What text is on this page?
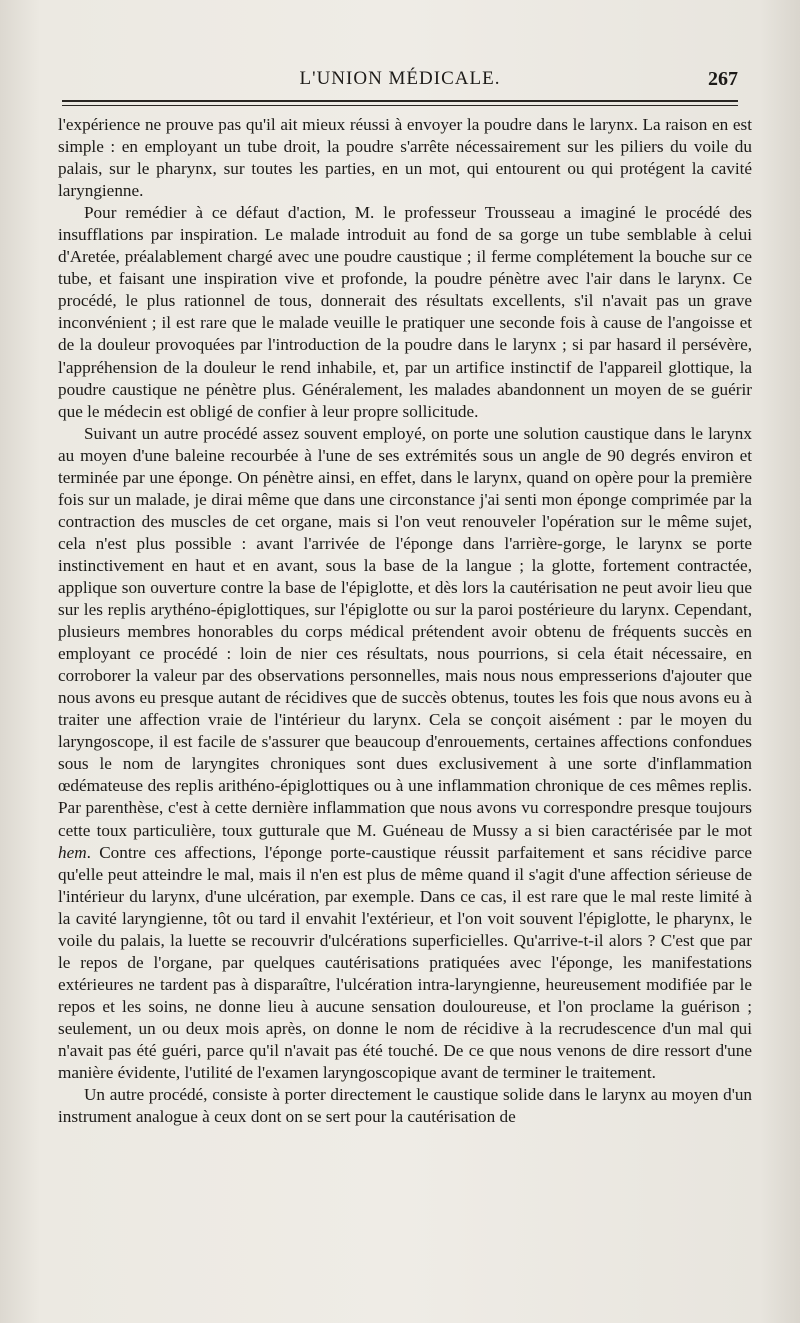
L'UNION MÉDICALE.	267

l'expérience ne prouve pas qu'il ait mieux réussi à envoyer la poudre dans le larynx. La raison en est simple : en employant un tube droit, la poudre s'arrête nécessairement sur les piliers du voile du palais, sur le pharynx, sur toutes les parties, en un mot, qui entourent ou qui protégent la cavité laryngienne.

Pour remédier à ce défaut d'action, M. le professeur Trousseau a imaginé le procédé des insufflations par inspiration. Le malade introduit au fond de sa gorge un tube semblable à celui d'Aretée, préalablement chargé avec une poudre caustique ; il ferme complétement la bouche sur ce tube, et faisant une inspiration vive et profonde, la poudre pénètre avec l'air dans le larynx. Ce procédé, le plus rationnel de tous, donnerait des résultats excellents, s'il n'avait pas un grave inconvénient ; il est rare que le malade veuille le pratiquer une seconde fois à cause de l'angoisse et de la douleur provoquées par l'introduction de la poudre dans le larynx ; si par hasard il persévère, l'appréhension de la douleur le rend inhabile, et, par un artifice instinctif de l'appareil glottique, la poudre caustique ne pénètre plus. Généralement, les malades abandonnent un moyen de se guérir que le médecin est obligé de confier à leur propre sollicitude.

Suivant un autre procédé assez souvent employé, on porte une solution caustique dans le larynx au moyen d'une baleine recourbée à l'une de ses extrémités sous un angle de 90 degrés environ et terminée par une éponge. On pénètre ainsi, en effet, dans le larynx, quand on opère pour la première fois sur un malade, je dirai même que dans une circonstance j'ai senti mon éponge comprimée par la contraction des muscles de cet organe, mais si l'on veut renouveler l'opération sur le même sujet, cela n'est plus possible : avant l'arrivée de l'éponge dans l'arrière-gorge, le larynx se porte instinctivement en haut et en avant, sous la base de la langue ; la glotte, fortement contractée, applique son ouverture contre la base de l'épiglotte, et dès lors la cautérisation ne peut avoir lieu que sur les replis arythéno-épiglottiques, sur l'épiglotte ou sur la paroi postérieure du larynx. Cependant, plusieurs membres honorables du corps médical prétendent avoir obtenu de fréquents succès en employant ce procédé : loin de nier ces résultats, nous pourrions, si cela était nécessaire, en corroborer la valeur par des observations personnelles, mais nous nous empresserions d'ajouter que nous avons eu presque autant de récidives que de succès obtenus, toutes les fois que nous avons eu à traiter une affection vraie de l'intérieur du larynx. Cela se conçoit aisément : par le moyen du laryngoscope, il est facile de s'assurer que beaucoup d'enrouements, certaines affections confondues sous le nom de laryngites chroniques sont dues exclusivement à une sorte d'inflammation œdémateuse des replis arithéno-épiglottiques ou à une inflammation chronique de ces mêmes replis. Par parenthèse, c'est à cette dernière inflammation que nous avons vu correspondre presque toujours cette toux particulière, toux gutturale que M. Guéneau de Mussy a si bien caractérisée par le mot hem. Contre ces affections, l'éponge porte-caustique réussit parfaitement et sans récidive parce qu'elle peut atteindre le mal, mais il n'en est plus de même quand il s'agit d'une affection sérieuse de l'intérieur du larynx, d'une ulcération, par exemple. Dans ce cas, il est rare que le mal reste limité à la cavité laryngienne, tôt ou tard il envahit l'extérieur, et l'on voit souvent l'épiglotte, le pharynx, le voile du palais, la luette se recouvrir d'ulcérations superficielles. Qu'arrive-t-il alors ? C'est que par le repos de l'organe, par quelques cautérisations pratiquées avec l'éponge, les manifestations extérieures ne tardent pas à disparaître, l'ulcération intra-laryngienne, heureusement modifiée par le repos et les soins, ne donne lieu à aucune sensation douloureuse, et l'on proclame la guérison ; seulement, un ou deux mois après, on donne le nom de récidive à la recrudescence d'un mal qui n'avait pas été guéri, parce qu'il n'avait pas été touché. De ce que nous venons de dire ressort d'une manière évidente, l'utilité de l'examen laryngoscopique avant de terminer le traitement.

Un autre procédé, consiste à porter directement le caustique solide dans le larynx au moyen d'un instrument analogue à ceux dont on se sert pour la cautérisation de
